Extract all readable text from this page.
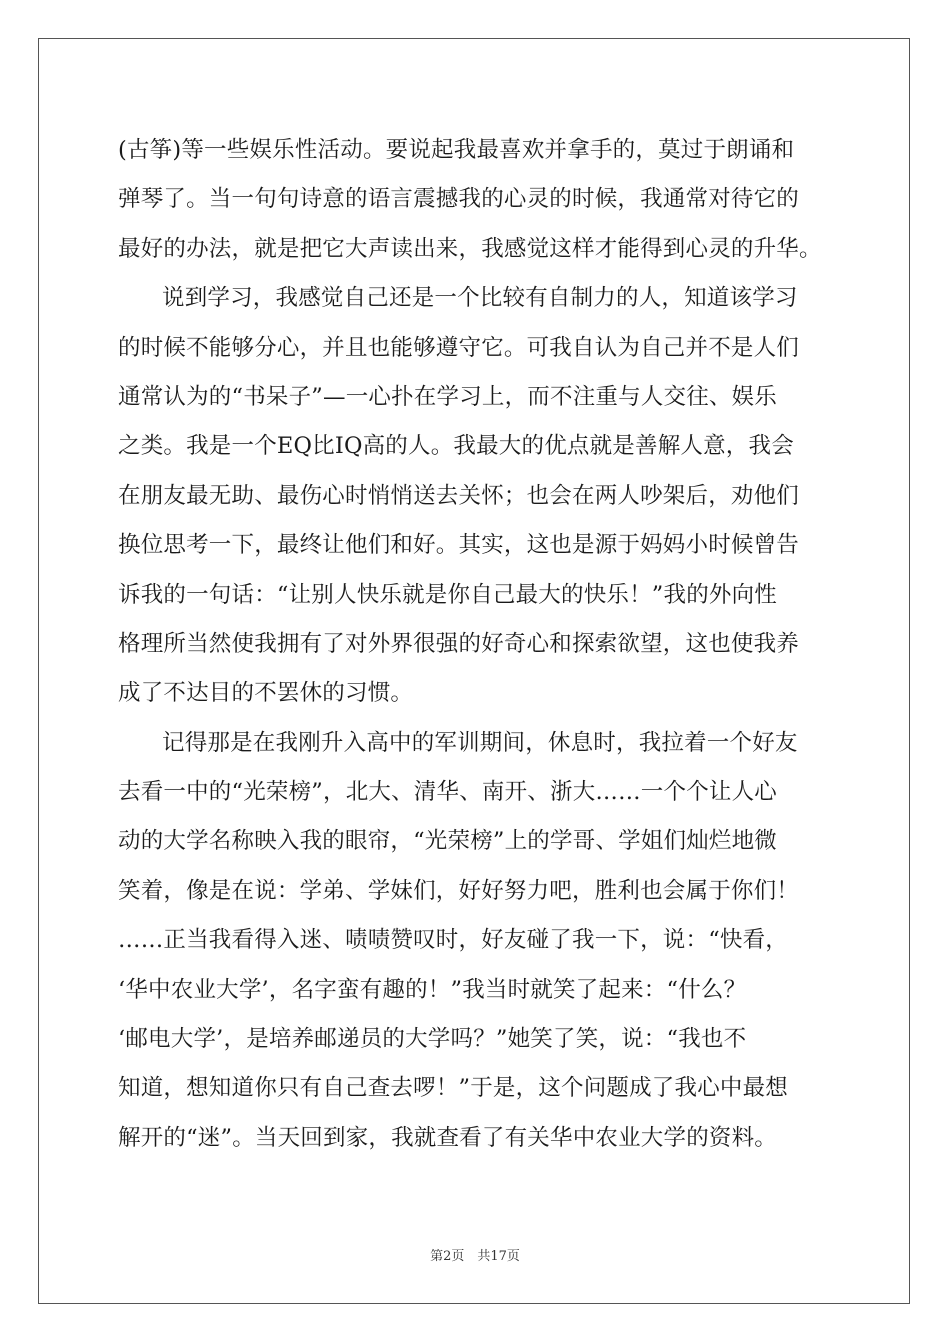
(古筝)等一些娱乐性活动。要说起我最喜欢并拿手的，莫过于朗诵和
弹琴了。当一句句诗意的语言震撼我的心灵的时候，我通常对待它的
最好的办法，就是把它大声读出来，我感觉这样才能得到心灵的升华。
说到学习，我感觉自己还是一个比较有自制力的人，知道该学习
的时候不能够分心，并且也能够遵守它。可我自认为自己并不是人们
通常认为的“书呆子”—一心扑在学习上，而不注重与人交往、娱乐
之类。我是一个EQ比IQ高的人。我最大的优点就是善解人意，我会
在朋友最无助、最伤心时悄悄送去关怀；也会在两人吵架后，劝他们
换位思考一下，最终让他们和好。其实，这也是源于妈妈小时候曾告
诉我的一句话：“让别人快乐就是你自己最大的快乐！”我的外向性
格理所当然使我拥有了对外界很强的好奇心和探索欲望，这也使我养
成了不达目的不罢休的习惯。
记得那是在我刚升入高中的军训期间，休息时，我拉着一个好友
去看一中的“光荣榜”，北大、清华、南开、浙大……一个个让人心
动的大学名称映入我的眼帘，“光荣榜”上的学哥、学姐们灿烂地微
笑着，像是在说：学弟、学妹们，好好努力吧，胜利也会属于你们！
……正当我看得入迷、啧啧赞叹时，好友碰了我一下，说：“快看，
‘华中农业大学’，名字蛮有趣的！”我当时就笑了起来：“什么？
‘邮电大学’，是培养邮递员的大学吗？”她笑了笑，说：“我也不
知道，想知道你只有自己查去啰！”于是，这个问题成了我心中最想
解开的“迷”。当天回到家，我就查看了有关华中农业大学的资料。
第2页　共17页
